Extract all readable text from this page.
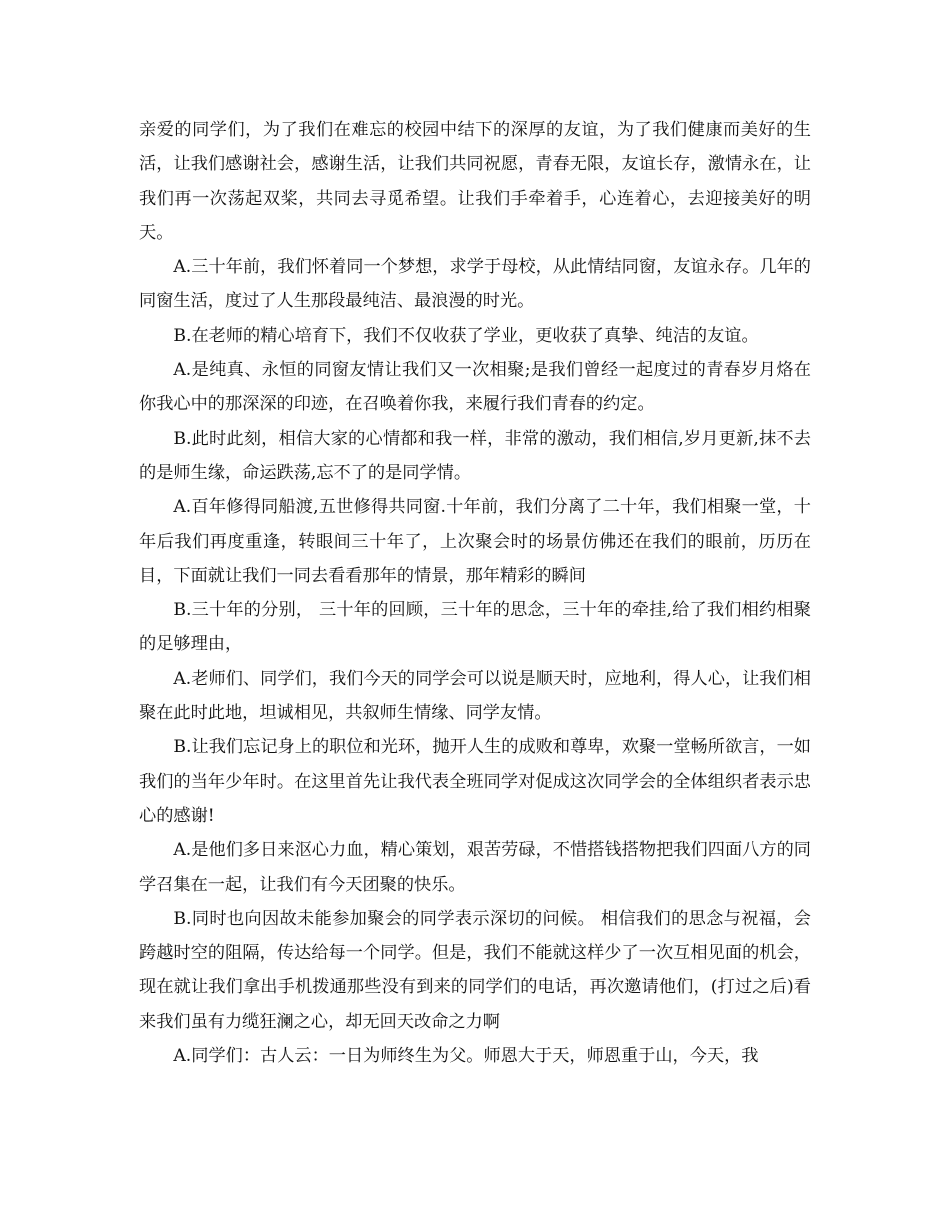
亲爱的同学们，为了我们在难忘的校园中结下的深厚的友谊，为了我们健康而美好的生活，让我们感谢社会，感谢生活，让我们共同祝愿，青春无限，友谊长存，激情永在，让我们再一次荡起双桨，共同去寻觅希望。让我们手牵着手，心连着心，去迎接美好的明天。

A.三十年前，我们怀着同一个梦想，求学于母校，从此情结同窗，友谊永存。几年的同窗生活，度过了人生那段最纯洁、最浪漫的时光。

B.在老师的精心培育下，我们不仅收获了学业，更收获了真挚、纯洁的友谊。

A.是纯真、永恒的同窗友情让我们又一次相聚;是我们曾经一起度过的青春岁月烙在你我心中的那深深的印迹，在召唤着你我，来履行我们青春的约定。

B.此时此刻，相信大家的心情都和我一样，非常的激动，我们相信,岁月更新,抹不去的是师生缘，命运跌荡,忘不了的是同学情。

A.百年修得同船渡,五世修得共同窗.十年前，我们分离了二十年，我们相聚一堂，十年后我们再度重逢，转眼间三十年了，上次聚会时的场景仿佛还在我们的眼前，历历在目，下面就让我们一同去看看那年的情景，那年精彩的瞬间

B.三十年的分别， 三十年的回顾，三十年的思念，三十年的牵挂,给了我们相约相聚的足够理由，

A.老师们、同学们，我们今天的同学会可以说是顺天时，应地利，得人心，让我们相聚在此时此地，坦诚相见，共叙师生情缘、同学友情。

B.让我们忘记身上的职位和光环，抛开人生的成败和尊卑，欢聚一堂畅所欲言，一如我们的当年少年时。在这里首先让我代表全班同学对促成这次同学会的全体组织者表示忠心的感谢!

A.是他们多日来沤心力血，精心策划，艰苦劳碌，不惜搭钱搭物把我们四面八方的同学召集在一起，让我们有今天团聚的快乐。

B.同时也向因故未能参加聚会的同学表示深切的问候。 相信我们的思念与祝福，会跨越时空的阻隔，传达给每一个同学。但是，我们不能就这样少了一次互相见面的机会，现在就让我们拿出手机拨通那些没有到来的同学们的电话，再次邀请他们，(打过之后)看来我们虽有力缆狂澜之心，却无回天改命之力啊

A.同学们：古人云：一日为师终生为父。师恩大于天，师恩重于山，今天，我
